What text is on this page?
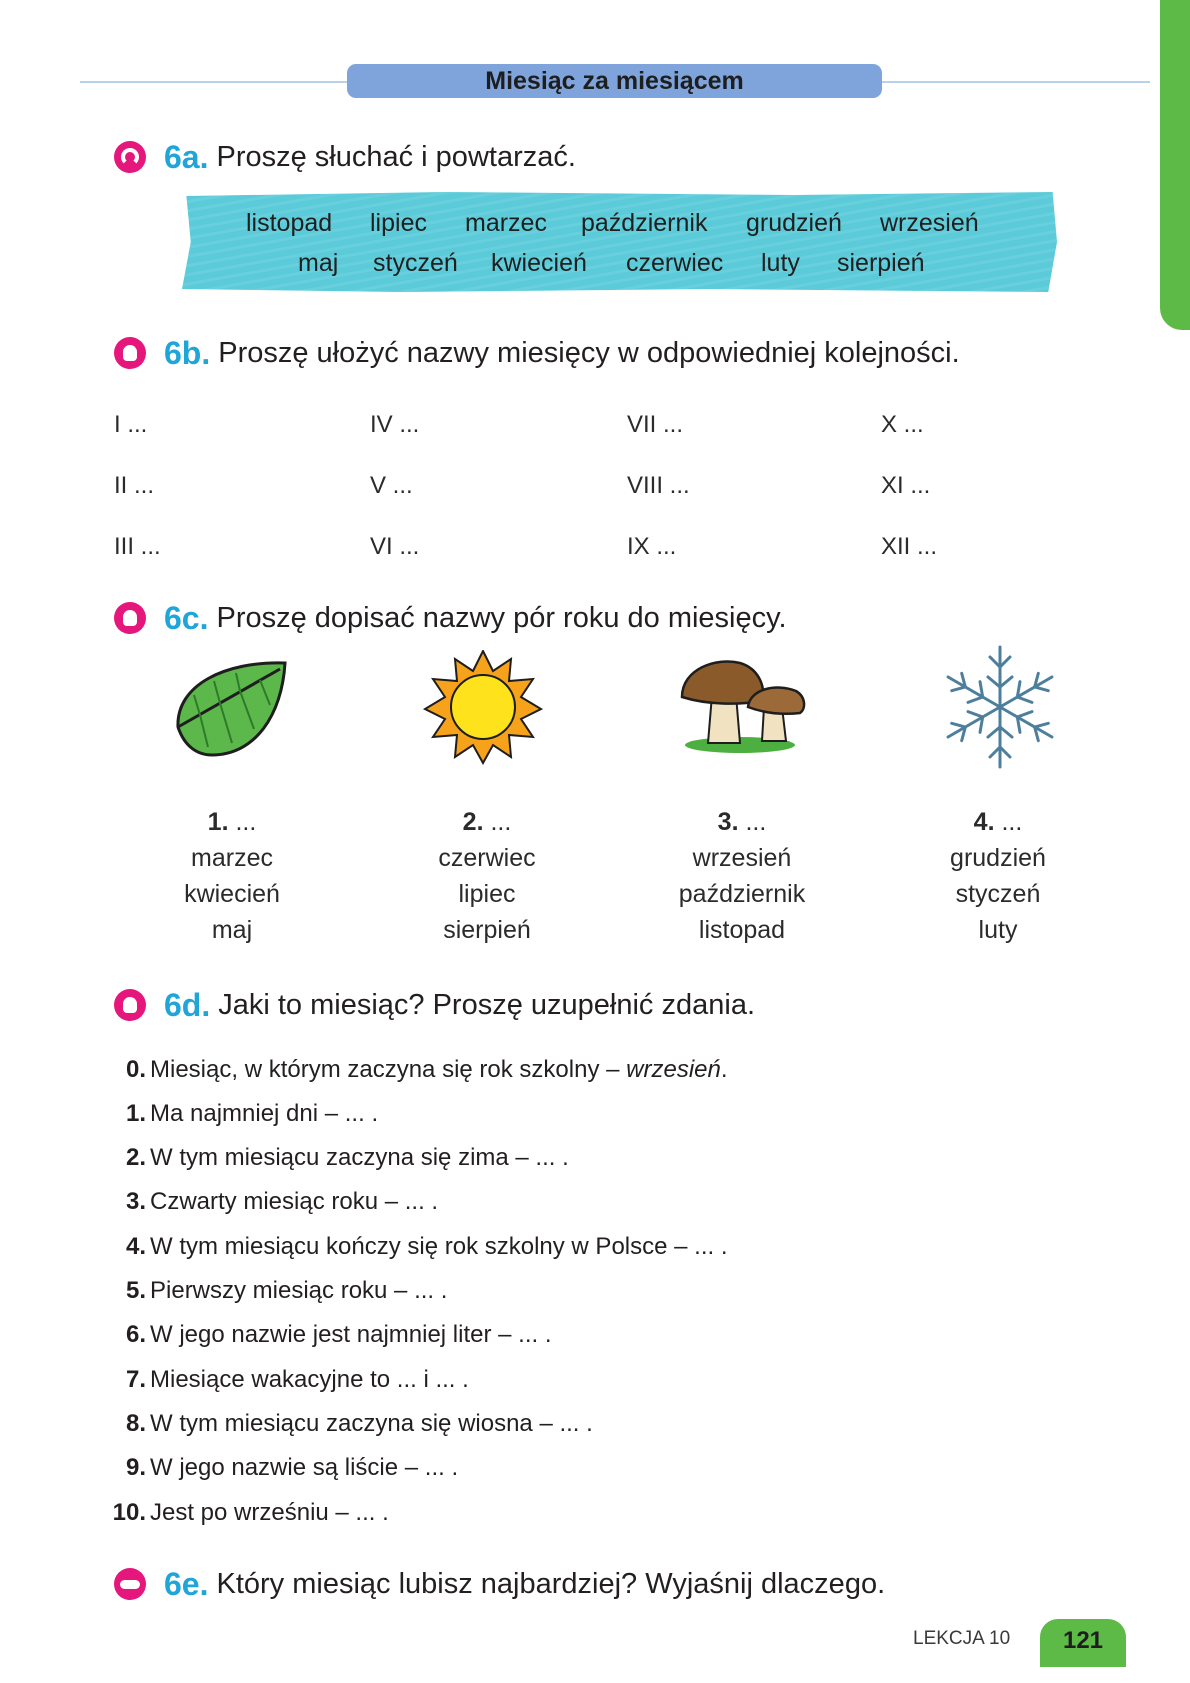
Miesiąc za miesiącem
6a. Proszę słuchać i powtarzać.
listopad lipiec marzec październik grudzień wrzesień
maj styczeń kwiecień czerwiec luty sierpień
6b. Proszę ułożyć nazwy miesięcy w odpowiedniej kolejności.
I ...
II ...
III ...
IV ...
V ...
VI ...
VII ...
VIII ...
IX ...
X ...
XI ...
XII ...
6c. Proszę dopisać nazwy pór roku do miesięcy.
1. ...
marzec
kwiecień
maj
2. ...
czerwiec
lipiec
sierpień
3. ...
wrzesień
październik
listopad
4. ...
grudzień
styczeń
luty
6d. Jaki to miesiąc? Proszę uzupełnić zdania.
0. Miesiąc, w którym zaczyna się rok szkolny – wrzesień.
1. Ma najmniej dni – ... .
2. W tym miesiącu zaczyna się zima – ... .
3. Czwarty miesiąc roku – ... .
4. W tym miesiącu kończy się rok szkolny w Polsce – ... .
5. Pierwszy miesiąc roku – ... .
6. W jego nazwie jest najmniej liter – ... .
7. Miesiące wakacyjne to ... i ... .
8. W tym miesiącu zaczyna się wiosna – ... .
9. W jego nazwie są liście – ... .
10. Jest po wrześniu – ... .
6e. Który miesiąc lubisz najbardziej? Wyjaśnij dlaczego.
LEKCJA 10	121
